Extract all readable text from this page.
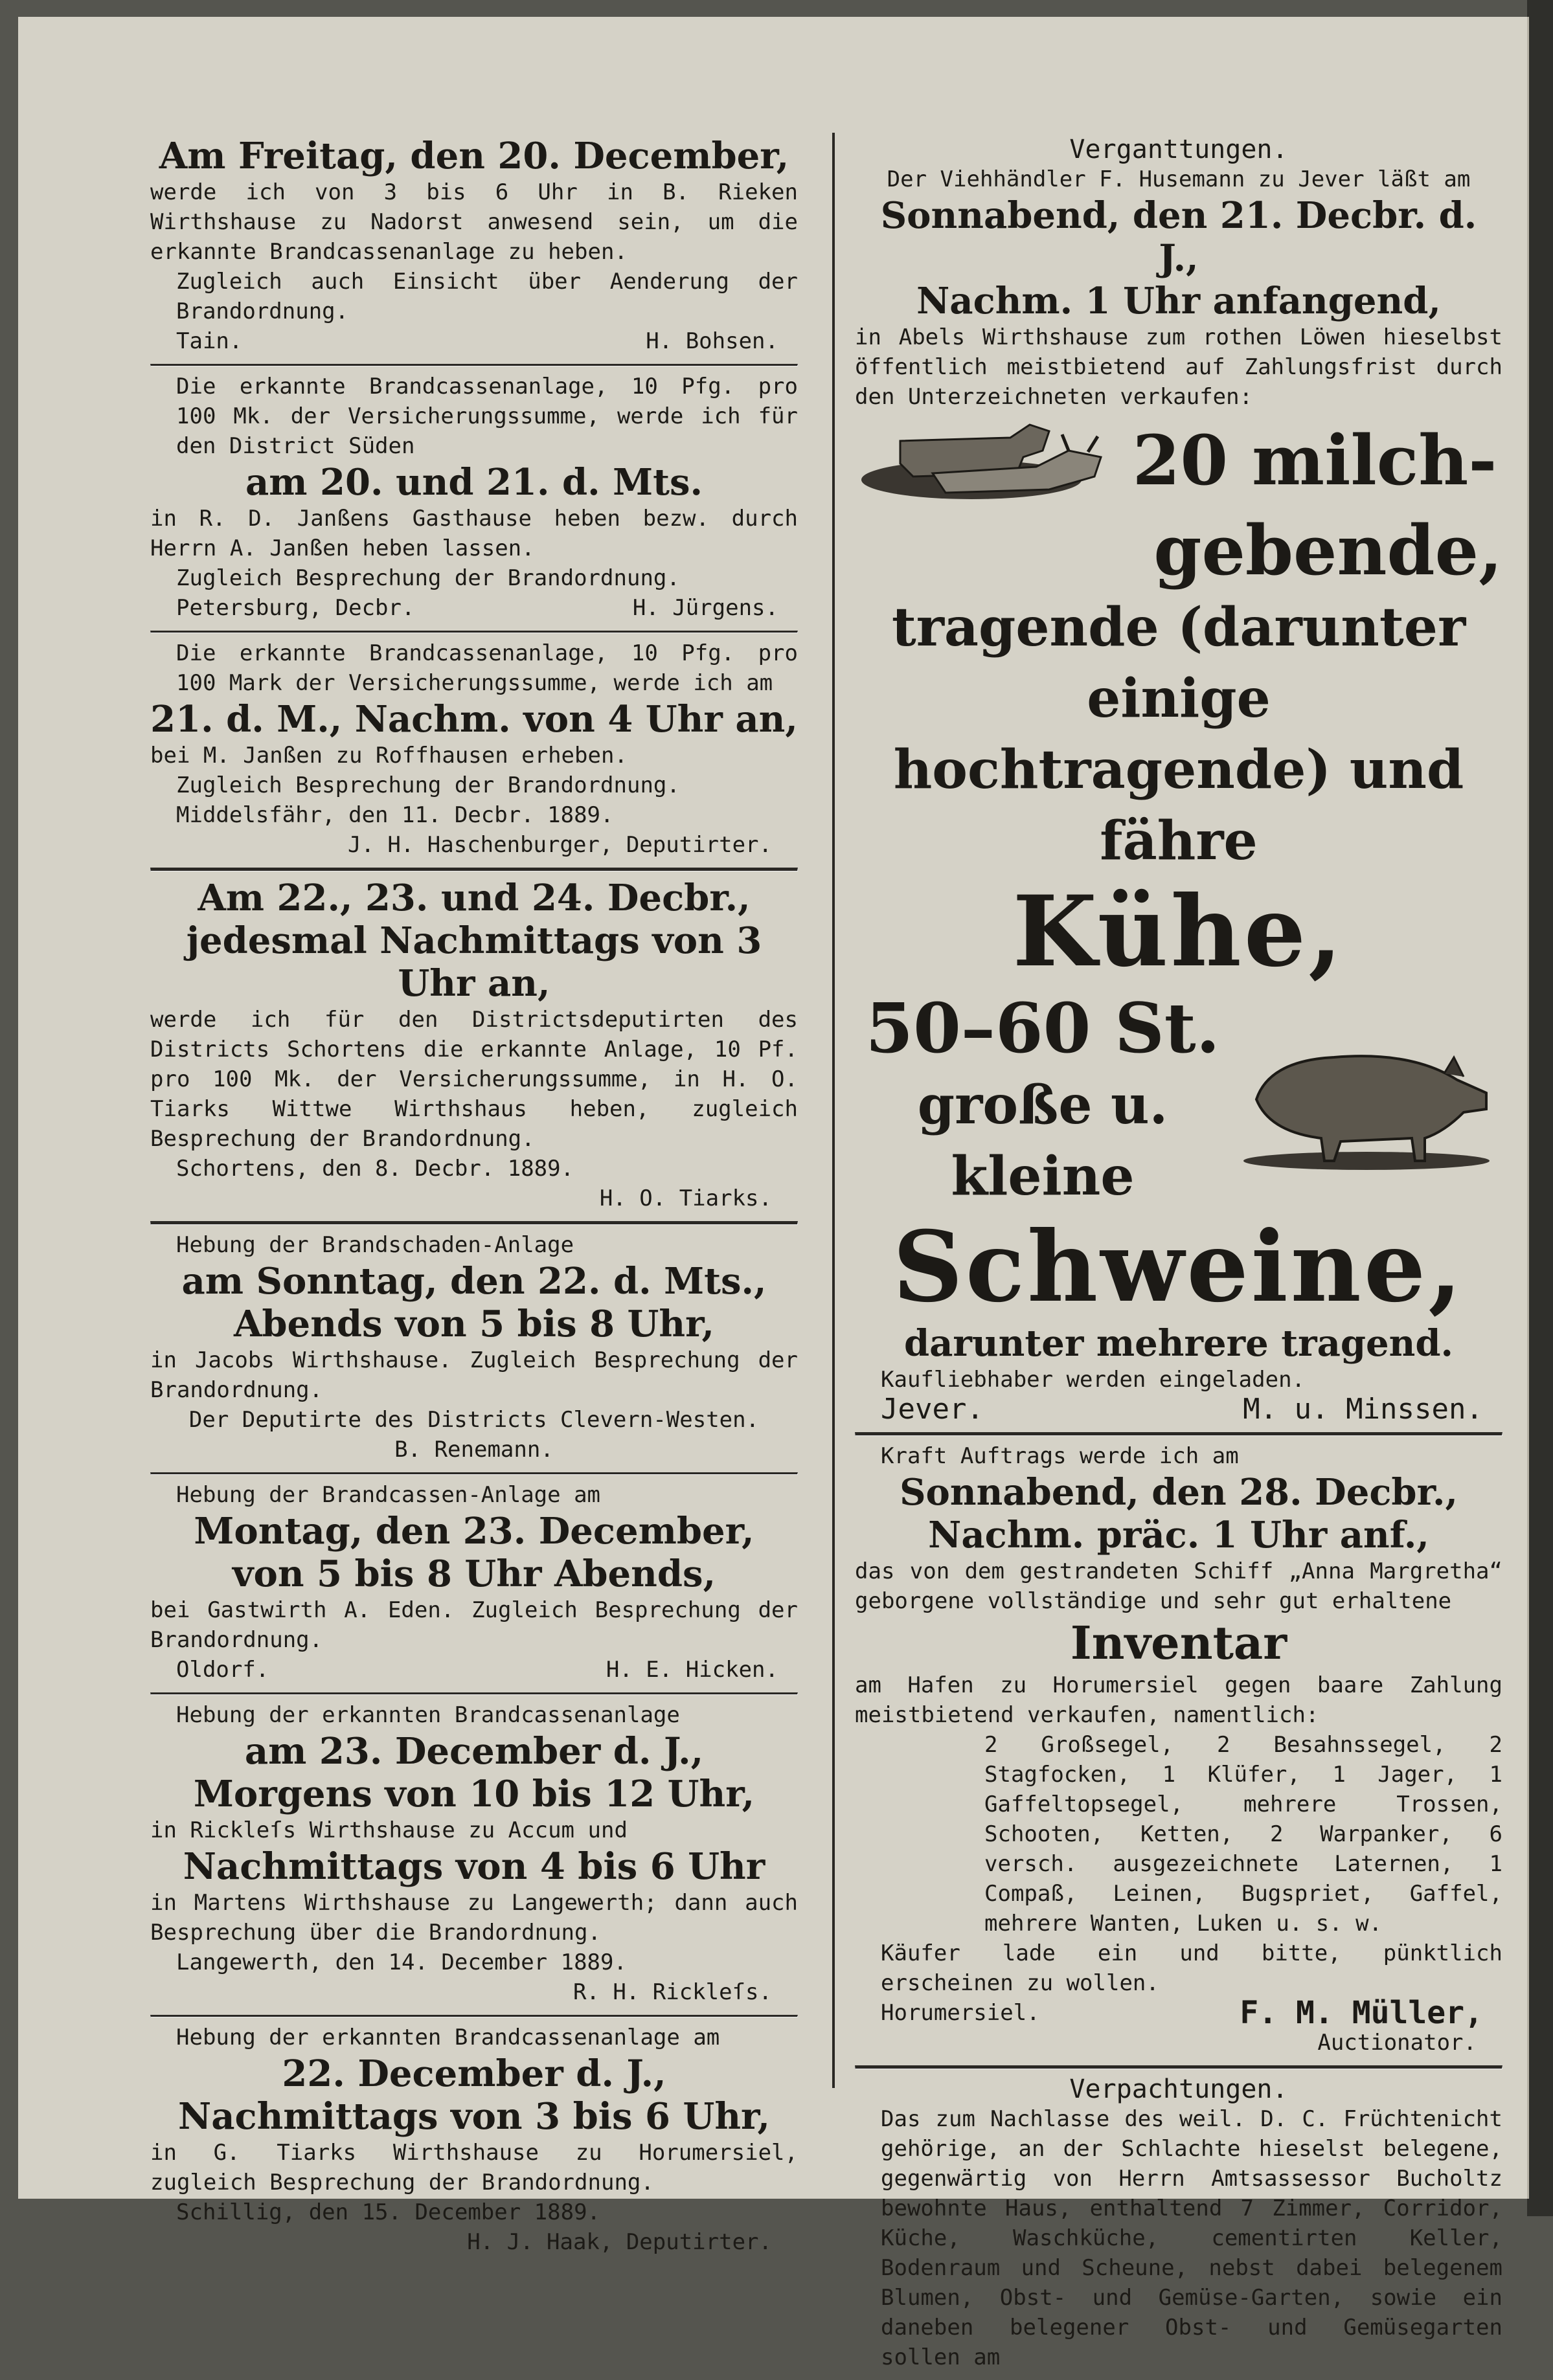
Am Freitag, den 20. December,

werde ich von 3 bis 6 Uhr in B. Rieken Wirthshause zu Nadorst anwesend sein, um die erkannte Brandcassenanlage zu heben.

Zugleich auch Einsicht über Aenderung der Brandordnung.

Tain.	H. Bohsen.

Die erkannte Brandcassenanlage, 10 Pfg. pro 100 Mk. der Versicherungssumme, werde ich für den District Süden

am 20. und 21. d. Mts.

in R. D. Janßens Gasthause heben bezw. durch Herrn A. Janßen heben lassen.

Zugleich Besprechung der Brandordnung.

Petersburg, Decbr.	H. Jürgens.

Die erkannte Brandcassenanlage, 10 Pfg. pro 100 Mark der Versicherungssumme, werde ich am

21. d. M., Nachm. von 4 Uhr an,

bei M. Janßen zu Roffhausen erheben.

Zugleich Besprechung der Brandordnung.

Middelsfähr, den 11. Decbr. 1889.

J. H. Haschenburger, Deputirter.

Am 22., 23. und 24. Decbr.,

jedesmal Nachmittags von 3 Uhr an,

werde ich für den Districtsdeputirten des Districts Schortens die erkannte Anlage, 10 Pf. pro 100 Mk. der Versicherungssumme, in H. O. Tiarks Wittwe Wirthshaus heben, zugleich Besprechung der Brandordnung.

Schortens, den 8. Decbr. 1889.

H. O. Tiarks.

Hebung der Brandschaden-Anlage

am Sonntag, den 22. d. Mts.,

Abends von 5 bis 8 Uhr,

in Jacobs Wirthshause. Zugleich Besprechung der Brandordnung.

Der Deputirte des Districts Clevern-Westen.

B. Renemann.

Hebung der Brandcassen-Anlage am

Montag, den 23. December,

von 5 bis 8 Uhr Abends,

bei Gastwirth A. Eden. Zugleich Besprechung der Brandordnung.

Oldorf.	H. E. Hicken.

Hebung der erkannten Brandcassenanlage

am 23. December d. J.,

Morgens von 10 bis 12 Uhr,

in Rickleſs Wirthshause zu Accum und

Nachmittags von 4 bis 6 Uhr

in Martens Wirthshause zu Langewerth; dann auch Besprechung über die Brandordnung.

Langewerth, den 14. December 1889.

R. H. Rickleſs.

Hebung der erkannten Brandcassenanlage am

22. December d. J.,

Nachmittags von 3 bis 6 Uhr,

in G. Tiarks Wirthshause zu Horumersiel, zugleich Besprechung der Brandordnung.

Schillig, den 15. December 1889.

H. J. Haak, Deputirter.

Verganttungen.

Der Viehhändler F. Husemann zu Jever läßt am

Sonnabend, den 21. Decbr. d. J.,

Nachm. 1 Uhr anfangend,

in Abels Wirthshause zum rothen Löwen hieselbst öffentlich meistbietend auf Zahlungsfrist durch den Unterzeichneten verkaufen:

20 milch-

gebende,

tragende (darunter einige

hochtragende) und fähre

Kühe,

50–60 St.

große u. kleine

Schweine,

darunter mehrere tragend.

Kaufliebhaber werden eingeladen.

Jever.	M. u. Minssen.

Kraft Auftrags werde ich am

Sonnabend, den 28. Decbr.,

Nachm. präc. 1 Uhr anf.,

das von dem gestrandeten Schiff „Anna Margretha“ geborgene vollständige und sehr gut erhaltene

Inventar

am Hafen zu Horumersiel gegen baare Zahlung meistbietend verkaufen, namentlich:

2 Großsegel, 2 Besahnssegel, 2 Stagfocken, 1 Klüfer, 1 Jager, 1 Gaffeltopsegel, mehrere Trossen, Schooten, Ketten, 2 Warpanker, 6 versch. ausgezeichnete Laternen, 1 Compaß, Leinen, Bugspriet, Gaffel, mehrere Wanten, Luken u. s. w.

Käufer lade ein und bitte, pünktlich erscheinen zu wollen.

Horumersiel.	F. M. Müller,

Auctionator.

Verpachtungen.

Das zum Nachlasse des weil. D. C. Früchtenicht gehörige, an der Schlachte hieselst belegene, gegenwärtig von Herrn Amtsassessor Bucholtz bewohnte Haus, enthaltend 7 Zimmer, Corridor, Küche, Waschküche, cementirten Keller, Bodenraum und Scheune, nebst dabei belegenem Blumen, Obst- und Gemüse-Garten, sowie ein daneben belegener Obst- und Gemüsegarten sollen am
